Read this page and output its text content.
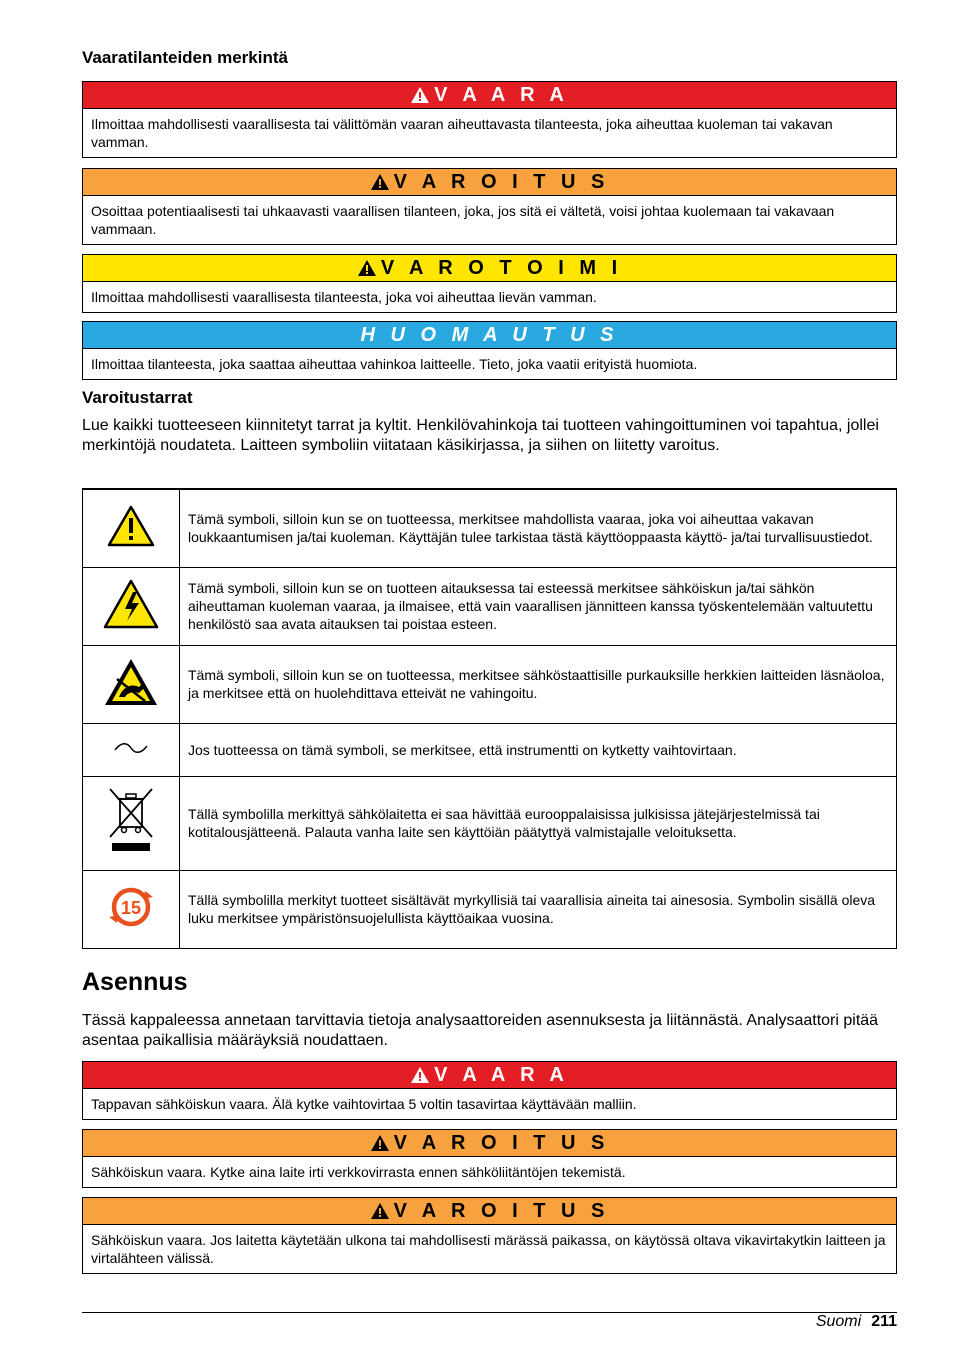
Vaaratilanteiden merkintä
V A A R A
Ilmoittaa mahdollisesti vaarallisesta tai välittömän vaaran aiheuttavasta tilanteesta, joka aiheuttaa kuoleman tai vakavan vamman.
V A R O I T U S
Osoittaa potentiaalisesti tai uhkaavasti vaarallisen tilanteen, joka, jos sitä ei vältetä, voisi johtaa kuolemaan tai vakavaan vammaan.
V A R O T O I M I
Ilmoittaa mahdollisesti vaarallisesta tilanteesta, joka voi aiheuttaa lievän vamman.
H U O M A U T U S
Ilmoittaa tilanteesta, joka saattaa aiheuttaa vahinkoa laitteelle. Tieto, joka vaatii erityistä huomiota.
Varoitustarrat

Lue kaikki tuotteeseen kiinnitetyt tarrat ja kyltit. Henkilövahinkoja tai tuotteen vahingoittuminen voi tapahtua, jollei merkintöjä noudateta. Laitteen symboliin viitataan käsikirjassa, ja siihen on liitetty varoitus.

	Tämä symboli, silloin kun se on tuotteessa, merkitsee mahdollista vaaraa, joka voi aiheuttaa vakavan loukkaantumisen ja/tai kuoleman. Käyttäjän tulee tarkistaa tästä käyttöoppaasta käyttö- ja/tai turvallisuustiedot.
	Tämä symboli, silloin kun se on tuotteen aitauksessa tai esteessä merkitsee sähköiskun ja/tai sähkön aiheuttaman kuoleman vaaraa, ja ilmaisee, että vain vaarallisen jännitteen kanssa työskentelemään valtuutettu henkilöstö saa avata aitauksen tai poistaa esteen.
	Tämä symboli, silloin kun se on tuotteessa, merkitsee sähköstaattisille purkauksille herkkien laitteiden läsnäoloa, ja merkitsee että on huolehdittava etteivät ne vahingoitu.
	Jos tuotteessa on tämä symboli, se merkitsee, että instrumentti on kytketty vaihtovirtaan.
	Tällä symbolilla merkittyä sähkölaitetta ei saa hävittää eurooppalaisissa julkisissa jätejärjestelmissä tai kotitalousjätteenä. Palauta vanha laite sen käyttöiän päätyttyä valmistajalle veloituksetta.

15	Tällä symbolilla merkityt tuotteet sisältävät myrkyllisiä tai vaarallisia aineita tai ainesosia. Symbolin sisällä oleva luku merkitsee ympäristönsuojelullista käyttöaikaa vuosina.
Asennus

Tässä kappaleessa annetaan tarvittavia tietoja analysaattoreiden asennuksesta ja liitännästä. Analysaattori pitää asentaa paikallisia määräyksiä noudattaen.

V A A R A
Tappavan sähköiskun vaara. Älä kytke vaihtovirtaa 5 voltin tasavirtaa käyttävään malliin.
V A R O I T U S
Sähköiskun vaara. Kytke aina laite irti verkkovirrasta ennen sähköliitäntöjen tekemistä.
V A R O I T U S
Sähköiskun vaara. Jos laitetta käytetään ulkona tai mahdollisesti märässä paikassa, on käytössä oltava vikavirtakytkin laitteen ja virtalähteen välissä.
Suomi 211
